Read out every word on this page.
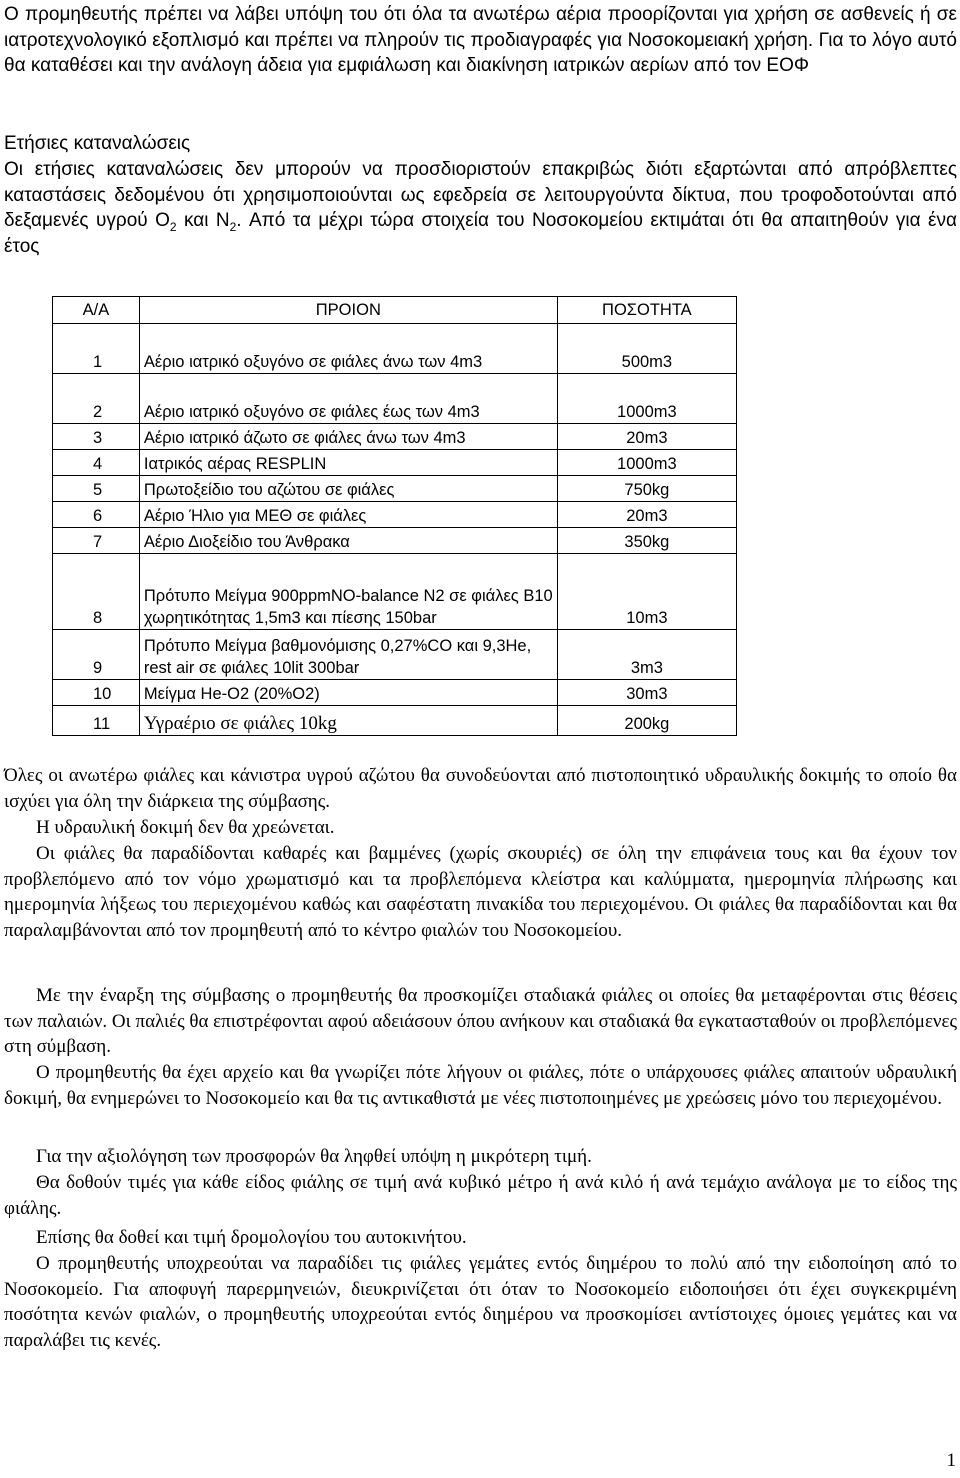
Ο προμηθευτής πρέπει να λάβει υπόψη του ότι όλα τα ανωτέρω αέρια προορίζονται για χρήση σε ασθενείς ή σε ιατροτεχνολογικό εξοπλισμό και πρέπει να πληρούν τις προδιαγραφές για Νοσοκομειακή χρήση. Για το λόγο αυτό θα καταθέσει και την ανάλογη άδεια για εμφιάλωση και διακίνηση ιατρικών αερίων από τον ΕΟΦ

Ετήσιες καταναλώσεις

Οι ετήσιες καταναλώσεις δεν μπορούν να προσδιοριστούν επακριβώς διότι εξαρτώνται από απρόβλεπτες καταστάσεις δεδομένου ότι χρησιμοποιούνται ως εφεδρεία σε λειτουργούντα δίκτυα, που τροφοδοτούνται από δεξαμενές υγρού $O_2$ και $N_2$. Από τα μέχρι τώρα στοιχεία του Νοσοκομείου εκτιμάται ότι θα απαιτηθούν για ένα έτος

Α/Α	ΠΡΟΙΟΝ	ΠΟΣΟΤΗΤΑ
1	Αέριο ιατρικό οξυγόνο σε φιάλες άνω των 4m3	500m3
2	Αέριο ιατρικό οξυγόνο σε φιάλες έως των 4m3	1000m3
3	Αέριο ιατρικό άζωτο σε φιάλες άνω των 4m3	20m3
4	Ιατρικός αέρας RESPLIN	1000m3
5	Πρωτοξείδιο του αζώτου σε φιάλες	750kg
6	Αέριο Ήλιο για ΜΕΘ σε φιάλες	20m3
7	Αέριο Διοξείδιο του Άνθρακα	350kg
8	Πρότυπο Μείγμα 900ppmNO-balance N2 σε φιάλες Β10 χωρητικότητας 1,5m3 και πίεσης 150bar	10m3
9	Πρότυπο Μείγμα βαθμονόμισης 0,27%CO και 9,3He, rest air σε φιάλες 10lit 300bar	3m3
10	Μείγμα He-O2 (20%O2)	30m3
11	Υγραέριο σε φιάλες 10kg	200kg

Όλες οι ανωτέρω φιάλες και κάνιστρα υγρού αζώτου θα συνοδεύονται από πιστοποιητικό υδραυλικής δοκιμής το οποίο θα ισχύει για όλη την διάρκεια της σύμβασης.

Η υδραυλική δοκιμή δεν θα χρεώνεται.

Οι φιάλες θα παραδίδονται καθαρές και βαμμένες (χωρίς σκουριές) σε όλη την επιφάνεια τους και θα έχουν τον προβλεπόμενο από τον νόμο χρωματισμό και τα προβλεπόμενα κλείστρα και καλύμματα, ημερομηνία πλήρωσης και ημερομηνία λήξεως του περιεχομένου καθώς και σαφέστατη πινακίδα του περιεχομένου. Οι φιάλες θα παραδίδονται και θα παραλαμβάνονται από τον προμηθευτή από το κέντρο φιαλών του Νοσοκομείου.

Με την έναρξη της σύμβασης ο προμηθευτής θα προσκομίζει σταδιακά φιάλες οι οποίες θα μεταφέρονται στις θέσεις των παλαιών. Οι παλιές θα επιστρέφονται αφού αδειάσουν όπου ανήκουν και σταδιακά θα εγκατασταθούν οι προβλεπόμενες στη σύμβαση.

Ο προμηθευτής θα έχει αρχείο και θα γνωρίζει πότε λήγουν οι φιάλες, πότε ο υπάρχουσες φιάλες απαιτούν υδραυλική δοκιμή, θα ενημερώνει το Νοσοκομείο και θα τις αντικαθιστά με νέες πιστοποιημένες με χρεώσεις μόνο του περιεχομένου.

Για την αξιολόγηση των προσφορών θα ληφθεί υπόψη η μικρότερη τιμή.

Θα δοθούν τιμές για κάθε είδος φιάλης σε τιμή ανά κυβικό μέτρο ή ανά κιλό ή ανά τεμάχιο ανάλογα με το είδος της φιάλης.

Επίσης θα δοθεί και τιμή δρομολογίου του αυτοκινήτου.

Ο προμηθευτής υποχρεούται να παραδίδει τις φιάλες γεμάτες εντός διημέρου το πολύ από την ειδοποίηση από το Νοσοκομείο. Για αποφυγή παρερμηνειών, διευκρινίζεται ότι όταν το Νοσοκομείο ειδοποιήσει ότι έχει συγκεκριμένη ποσότητα κενών φιαλών, ο προμηθευτής υποχρεούται εντός διημέρου να προσκομίσει αντίστοιχες όμοιες γεμάτες και να παραλάβει τις κενές.

1
